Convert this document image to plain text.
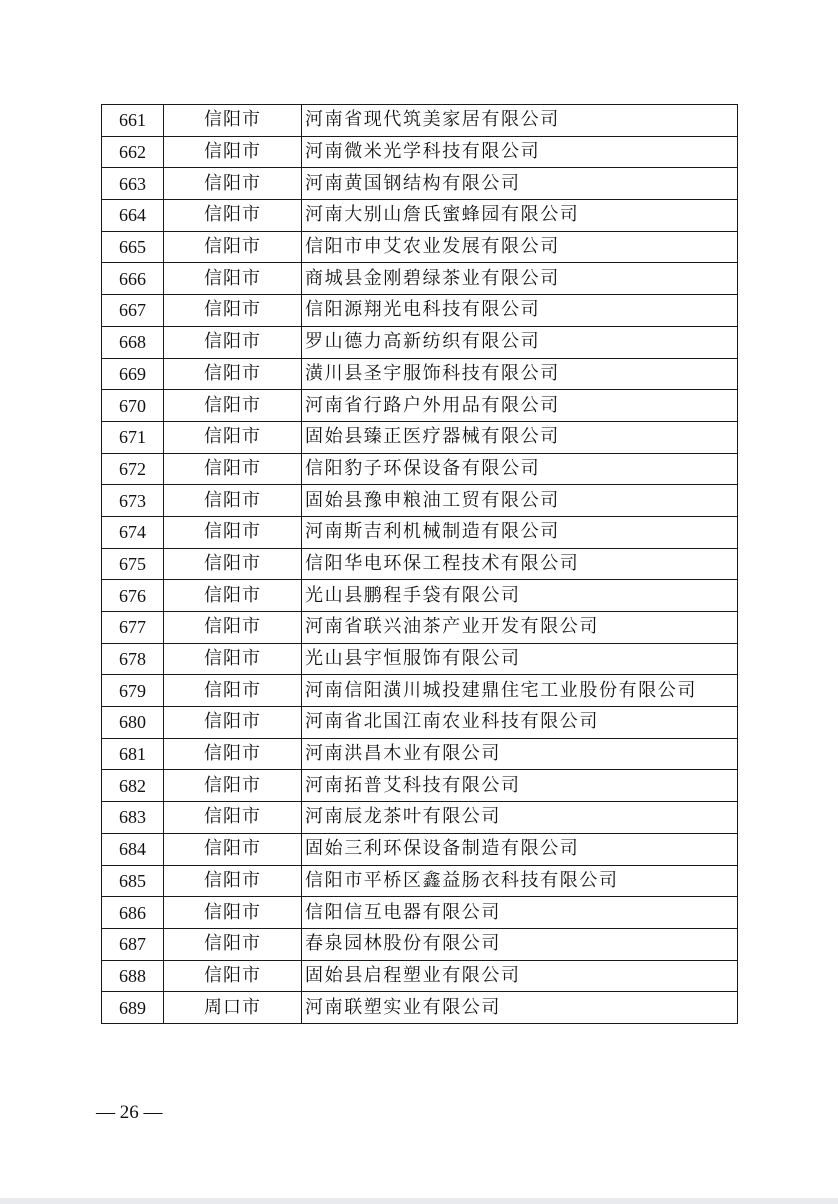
661	信阳市	河南省现代筑美家居有限公司
662	信阳市	河南微米光学科技有限公司
663	信阳市	河南黄国钢结构有限公司
664	信阳市	河南大别山詹氏蜜蜂园有限公司
665	信阳市	信阳市申艾农业发展有限公司
666	信阳市	商城县金刚碧绿茶业有限公司
667	信阳市	信阳源翔光电科技有限公司
668	信阳市	罗山德力高新纺织有限公司
669	信阳市	潢川县圣宇服饰科技有限公司
670	信阳市	河南省行路户外用品有限公司
671	信阳市	固始县臻正医疗器械有限公司
672	信阳市	信阳豹子环保设备有限公司
673	信阳市	固始县豫申粮油工贸有限公司
674	信阳市	河南斯吉利机械制造有限公司
675	信阳市	信阳华电环保工程技术有限公司
676	信阳市	光山县鹏程手袋有限公司
677	信阳市	河南省联兴油茶产业开发有限公司
678	信阳市	光山县宇恒服饰有限公司
679	信阳市	河南信阳潢川城投建鼎住宅工业股份有限公司
680	信阳市	河南省北国江南农业科技有限公司
681	信阳市	河南洪昌木业有限公司
682	信阳市	河南拓普艾科技有限公司
683	信阳市	河南辰龙茶叶有限公司
684	信阳市	固始三利环保设备制造有限公司
685	信阳市	信阳市平桥区鑫益肠衣科技有限公司
686	信阳市	信阳信互电器有限公司
687	信阳市	春泉园林股份有限公司
688	信阳市	固始县启程塑业有限公司
689	周口市	河南联塑实业有限公司
— 26 —
